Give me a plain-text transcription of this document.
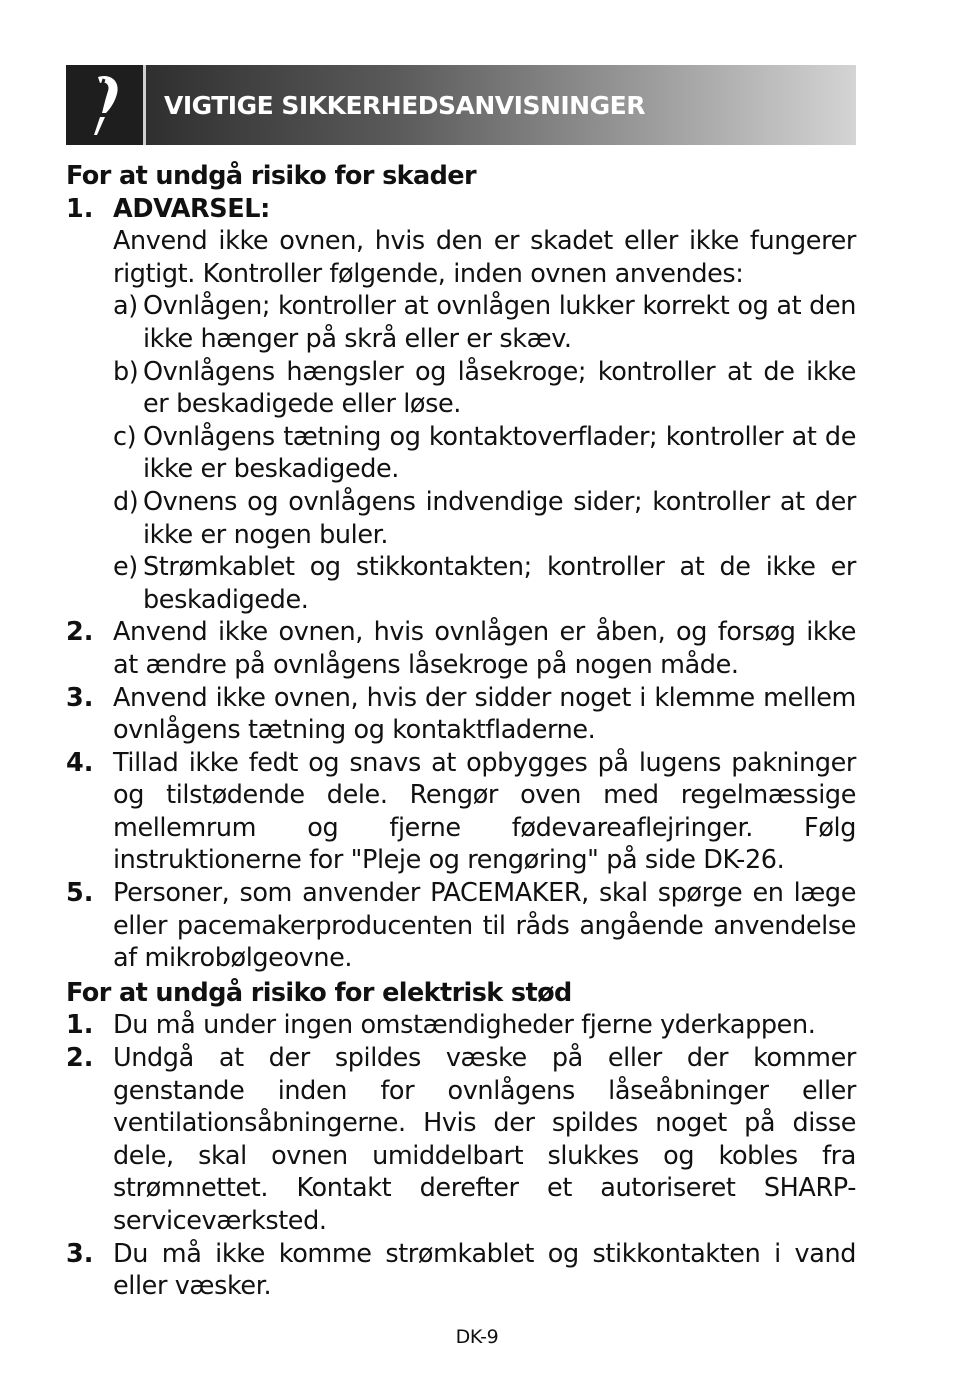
VIGTIGE SIKKERHEDSANVISNINGER
For at undgå risiko for skader
1. ADVARSEL:
Anvend ikke ovnen, hvis den er skadet eller ikke fungerer rigtigt. Kontroller følgende, inden ovnen anvendes:
a) Ovnlågen; kontroller at ovnlågen lukker korrekt og at den ikke hænger på skrå eller er skæv.
b) Ovnlågens hængsler og låsekroge; kontroller at de ikke er beskadigede eller løse.
c) Ovnlågens tætning og kontaktoverflader; kontroller at de ikke er beskadigede.
d) Ovnens og ovnlågens indvendige sider; kontroller at der ikke er nogen buler.
e) Strømkablet og stikkontakten; kontroller at de ikke er beskadigede.
2. Anvend ikke ovnen, hvis ovnlågen er åben, og forsøg ikke at ændre på ovnlågens låsekroge på nogen måde.
3. Anvend ikke ovnen, hvis der sidder noget i klemme mellem ovnlågens tætning og kontaktfladerne.
4. Tillad ikke fedt og snavs at opbygges på lugens pakninger og tilstødende dele. Rengør oven med regelmæssige mellemrum og fjerne fødevareaflejringer. Følg instruktionerne for "Pleje og rengøring" på side DK-26.
5. Personer, som anvender PACEMAKER, skal spørge en læge eller pacemakerproducenten til råds angående anvendelse af mikrobølgeovne.
For at undgå risiko for elektrisk stød
1. Du må under ingen omstændigheder fjerne yderkappen.
2. Undgå at der spildes væske på eller der kommer genstande inden for ovnlågens låseåbninger eller ventilationsåbningerne. Hvis der spildes noget på disse dele, skal ovnen umiddelbart slukkes og kobles fra strømnettet. Kontakt derefter et autoriseret SHARP-serviceværksted.
3. Du må ikke komme strømkablet og stikkontakten i vand eller væsker.
DK-9
